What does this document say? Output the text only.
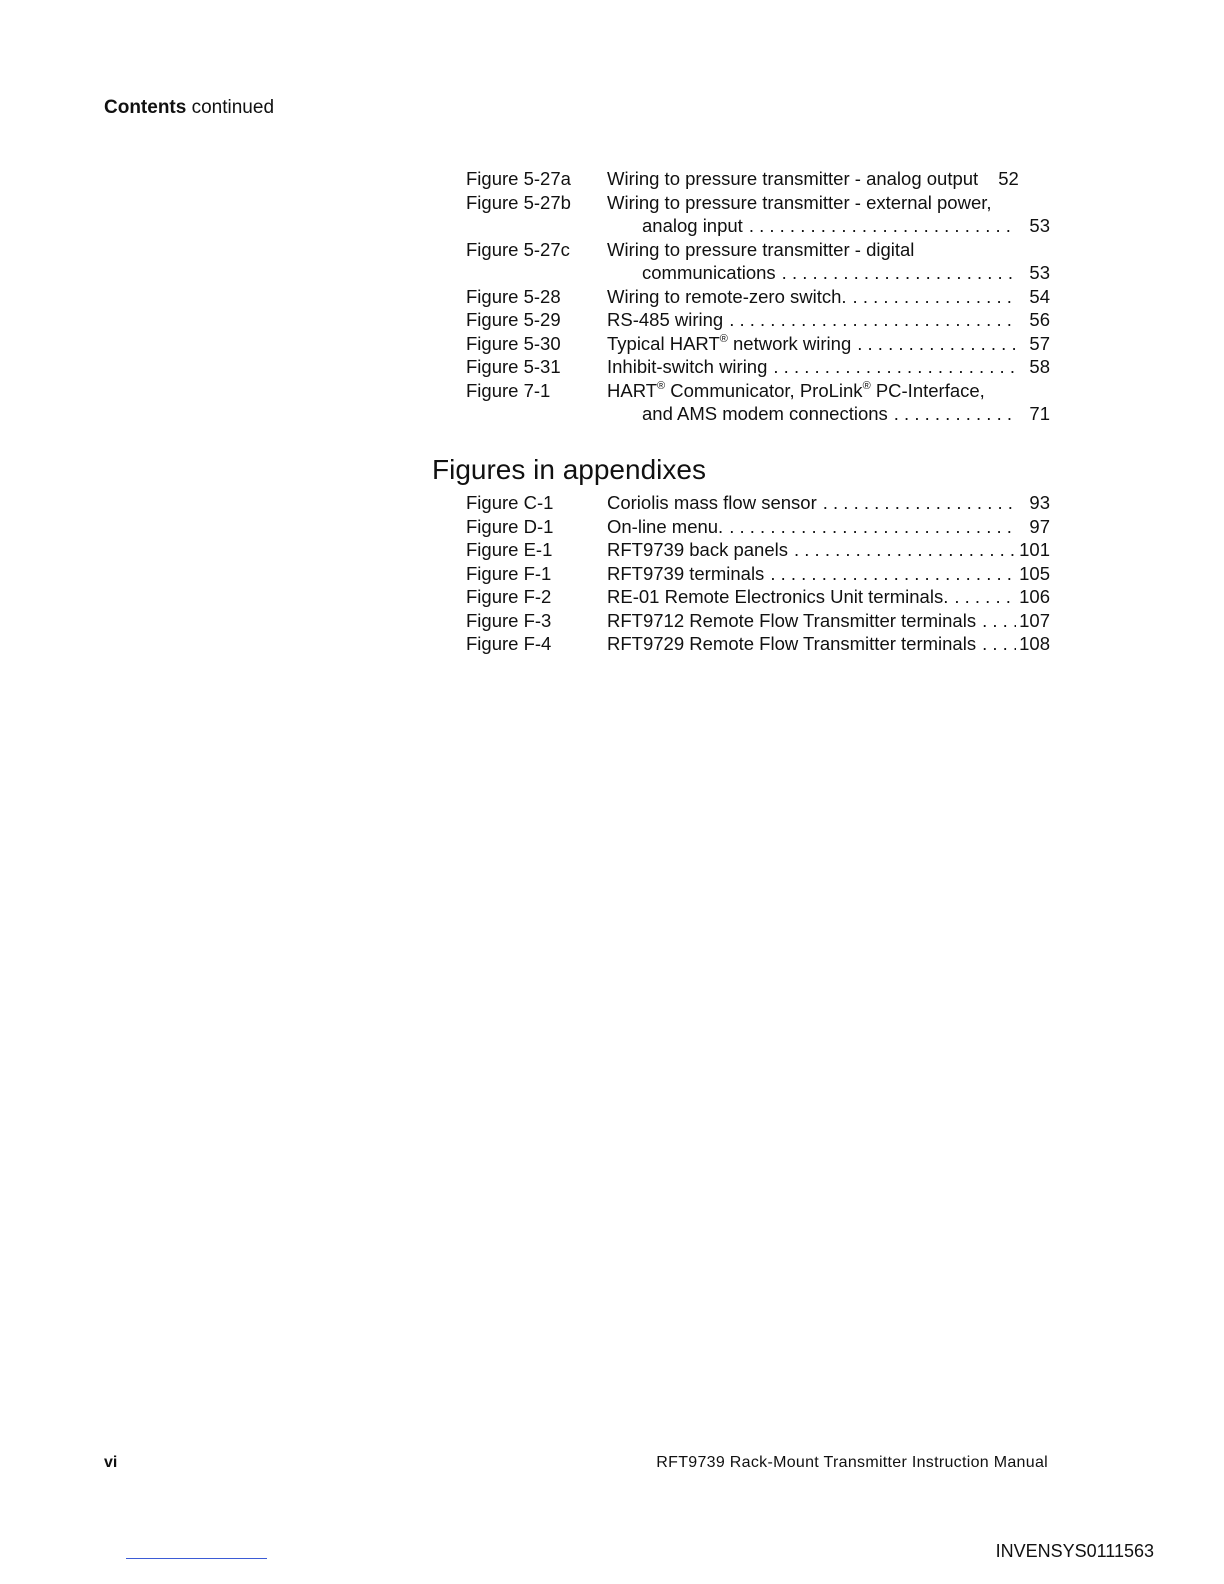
Contents continued
Figure 5-27a Wiring to pressure transmitter - analog output 52
Figure 5-27b Wiring to pressure transmitter - external power,
analog input . . .	53
Figure 5-27c Wiring to pressure transmitter - digital
communications . . .	53
Figure 5-28	Wiring to remote-zero switch. . . .	54
Figure 5-29	RS-485 wiring . . .	56
Figure 5-30	Typical HART® network wiring . . .	57
Figure 5-31	Inhibit-switch wiring . . .	58
Figure 7-1	HART® Communicator, ProLink® PC-Interface,
and AMS modem connections . . .	71
Figures in appendixes
Figure C-1	Coriolis mass flow sensor . . .	93
Figure D-1	On-line menu. . . .	97
Figure E-1	RFT9739 back panels . . .	101
Figure F-1	RFT9739 terminals . . .	105
Figure F-2	RE-01 Remote Electronics Unit terminals. . . .	106
Figure F-3	RFT9712 Remote Flow Transmitter terminals . . . 107
Figure F-4	RFT9729 Remote Flow Transmitter terminals . . . 108
vi	RFT9739 Rack-Mount Transmitter Instruction Manual
INVENSYS0111563
